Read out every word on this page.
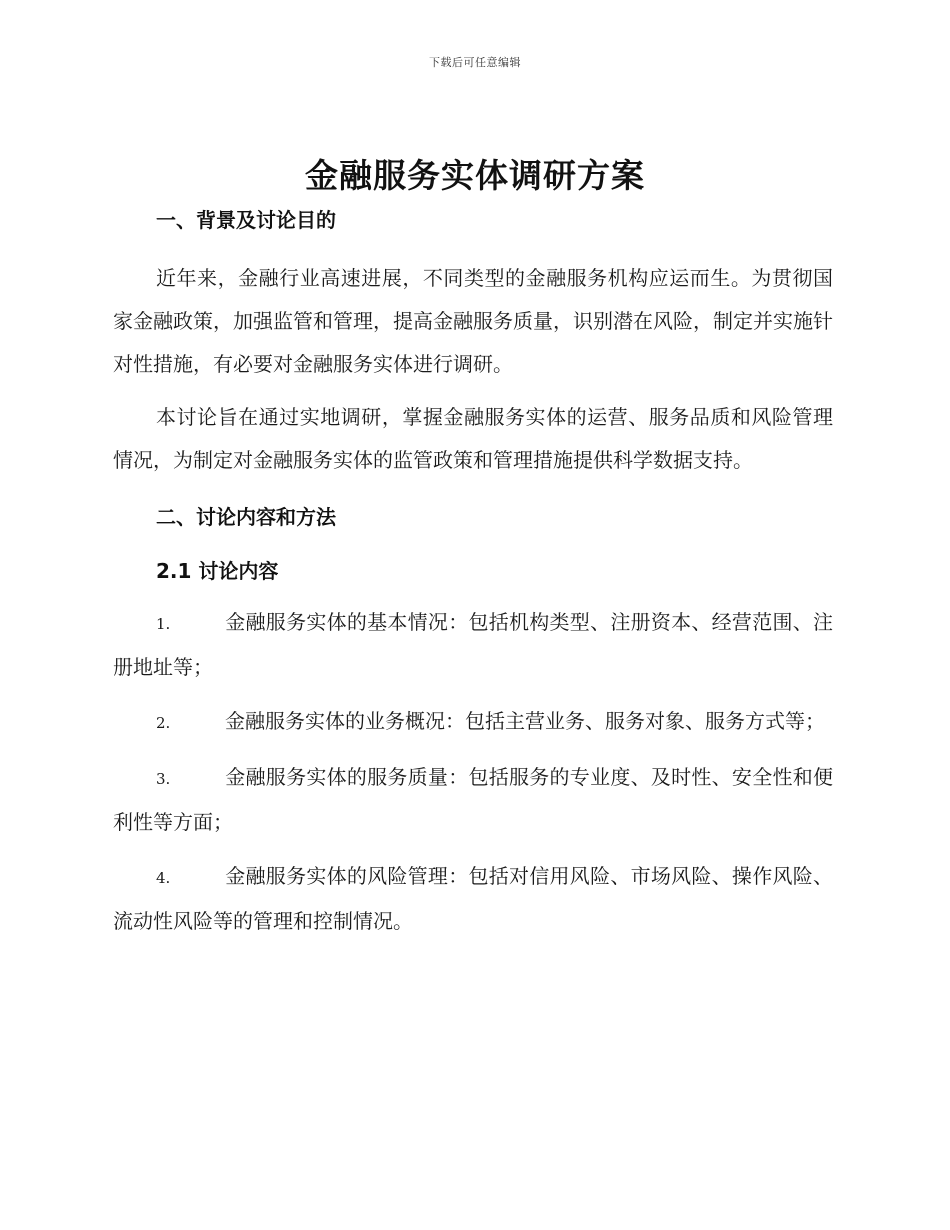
下载后可任意编辑
金融服务实体调研方案
一、背景及讨论目的

近年来，金融行业高速进展，不同类型的金融服务机构应运而生。为贯彻国家金融政策，加强监管和管理，提高金融服务质量，识别潜在风险，制定并实施针对性措施，有必要对金融服务实体进行调研。

本讨论旨在通过实地调研，掌握金融服务实体的运营、服务品质和风险管理情况，为制定对金融服务实体的监管政策和管理措施提供科学数据支持。

二、讨论内容和方法
2.1 讨论内容

1.	金融服务实体的基本情况：包括机构类型、注册资本、经营范围、注册地址等；

2.	金融服务实体的业务概况：包括主营业务、服务对象、服务方式等；

3.	金融服务实体的服务质量：包括服务的专业度、及时性、安全性和便利性等方面；

4.	金融服务实体的风险管理：包括对信用风险、市场风险、操作风险、流动性风险等的管理和控制情况。
